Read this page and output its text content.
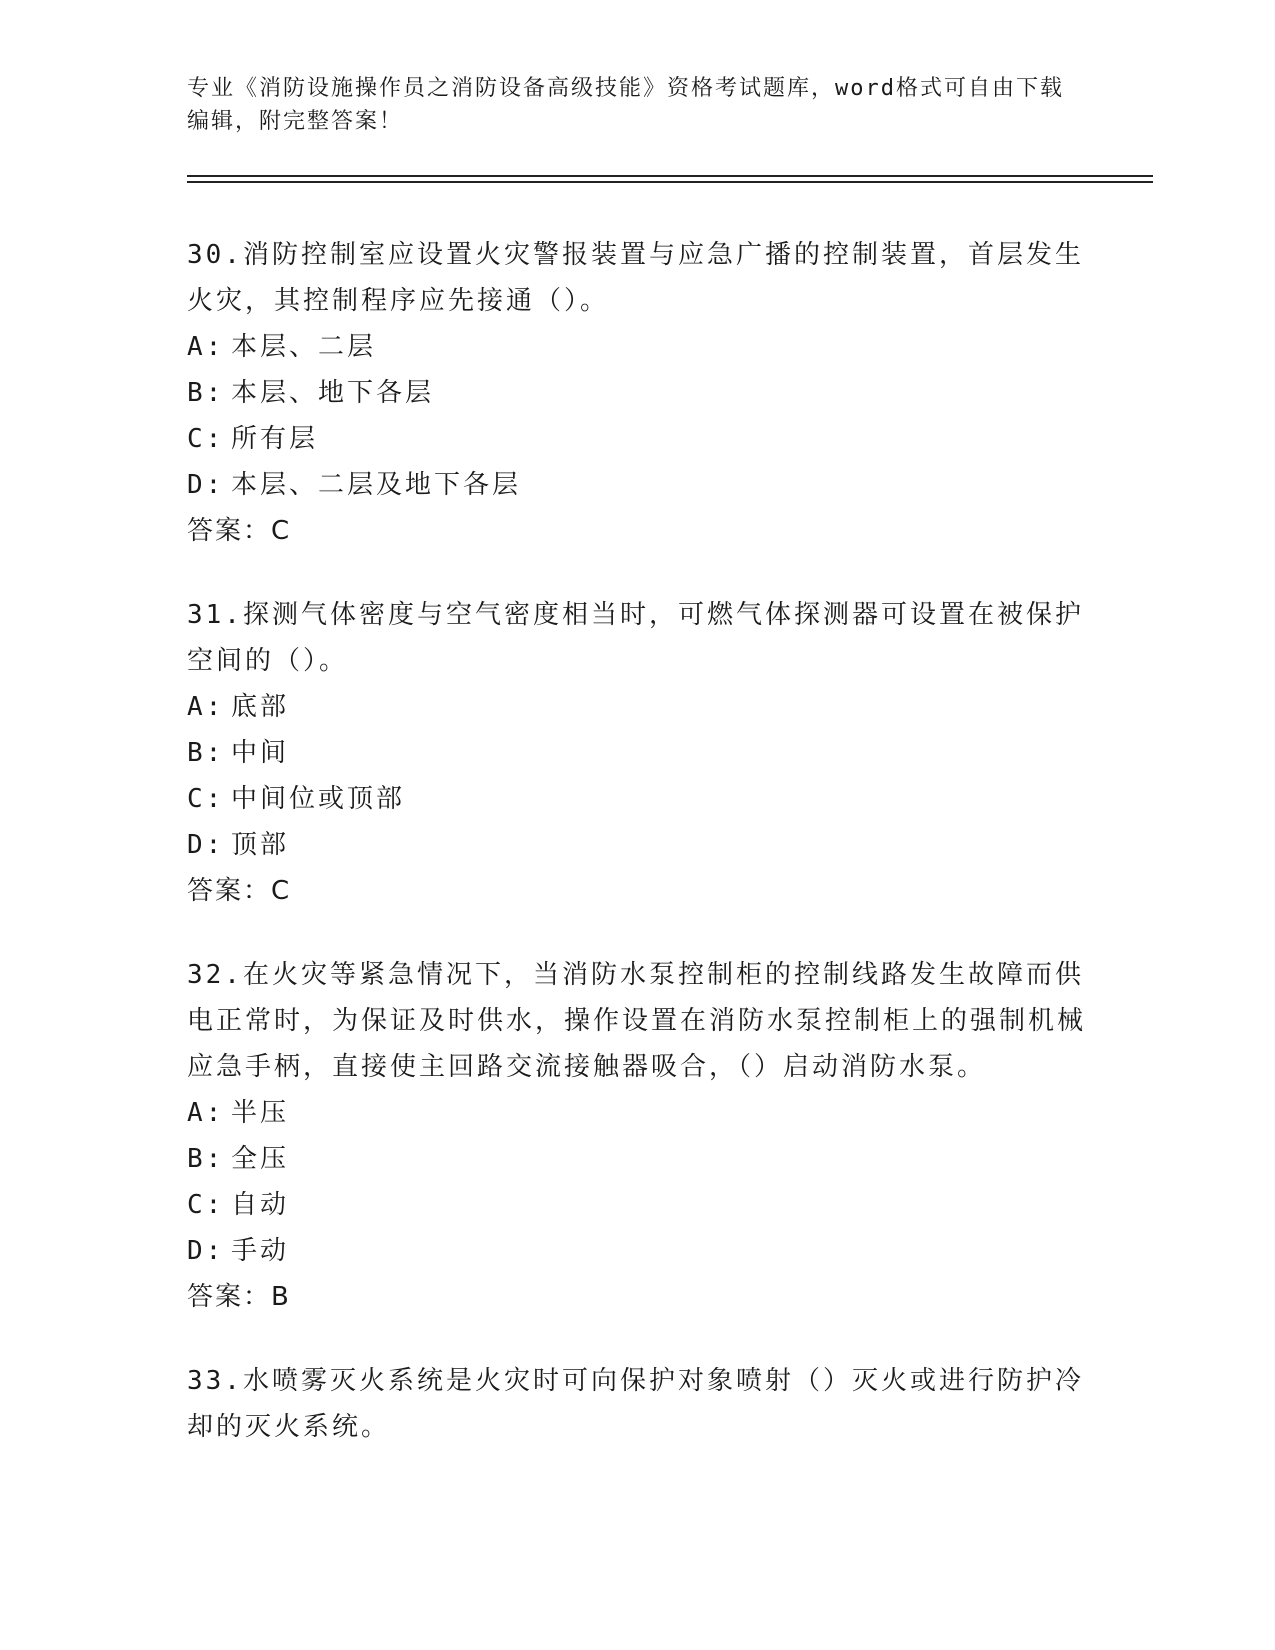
专业《消防设施操作员之消防设备高级技能》资格考试题库，word格式可自由下载编辑，附完整答案！

30.消防控制室应设置火灾警报装置与应急广播的控制装置，首层发生火灾，其控制程序应先接通（）。

A: 本层、二层
B: 本层、地下各层
C: 所有层
D: 本层、二层及地下各层
答案：C

31.探测气体密度与空气密度相当时，可燃气体探测器可设置在被保护空间的（）。

A: 底部
B: 中间
C: 中间位或顶部
D: 顶部
答案：C

32.在火灾等紧急情况下，当消防水泵控制柜的控制线路发生故障而供电正常时，为保证及时供水，操作设置在消防水泵控制柜上的强制机械应急手柄，直接使主回路交流接触器吸合，（）启动消防水泵。

A: 半压
B: 全压
C: 自动
D: 手动
答案：B

33.水喷雾灭火系统是火灾时可向保护对象喷射（）灭火或进行防护冷却的灭火系统。
